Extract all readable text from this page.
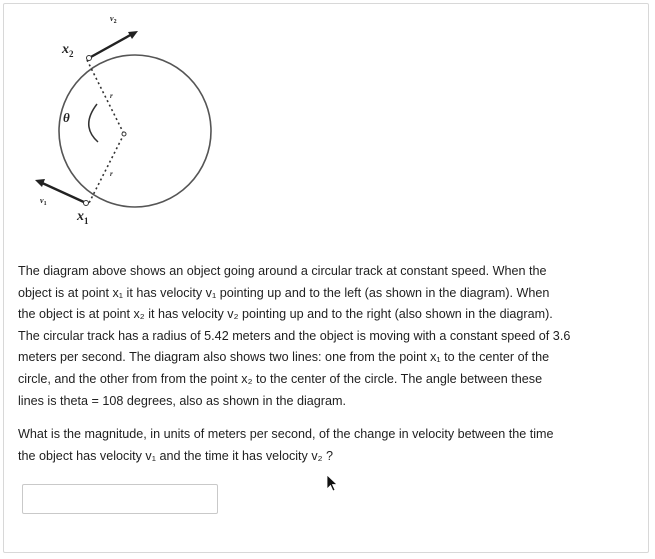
$x_2$
$x_1$
$v_2$
$v_1$
θ
r
r

The diagram above shows an object going around a circular track at constant speed. When the
object is at point x₁ it has velocity v₁ pointing up and to the left (as shown in the diagram). When
the object is at point x₂ it has velocity v₂ pointing up and to the right (also shown in the diagram).
The circular track has a radius of 5.42 meters and the object is moving with a constant speed of 3.6
meters per second. The diagram also shows two lines: one from the point x₁ to the center of the
circle, and the other from from the point x₂ to the center of the circle. The angle between these
lines is theta = 108 degrees, also as shown in the diagram.

What is the magnitude, in units of meters per second, of the change in velocity between the time
the object has velocity v₁ and the time it has velocity v₂ ?
